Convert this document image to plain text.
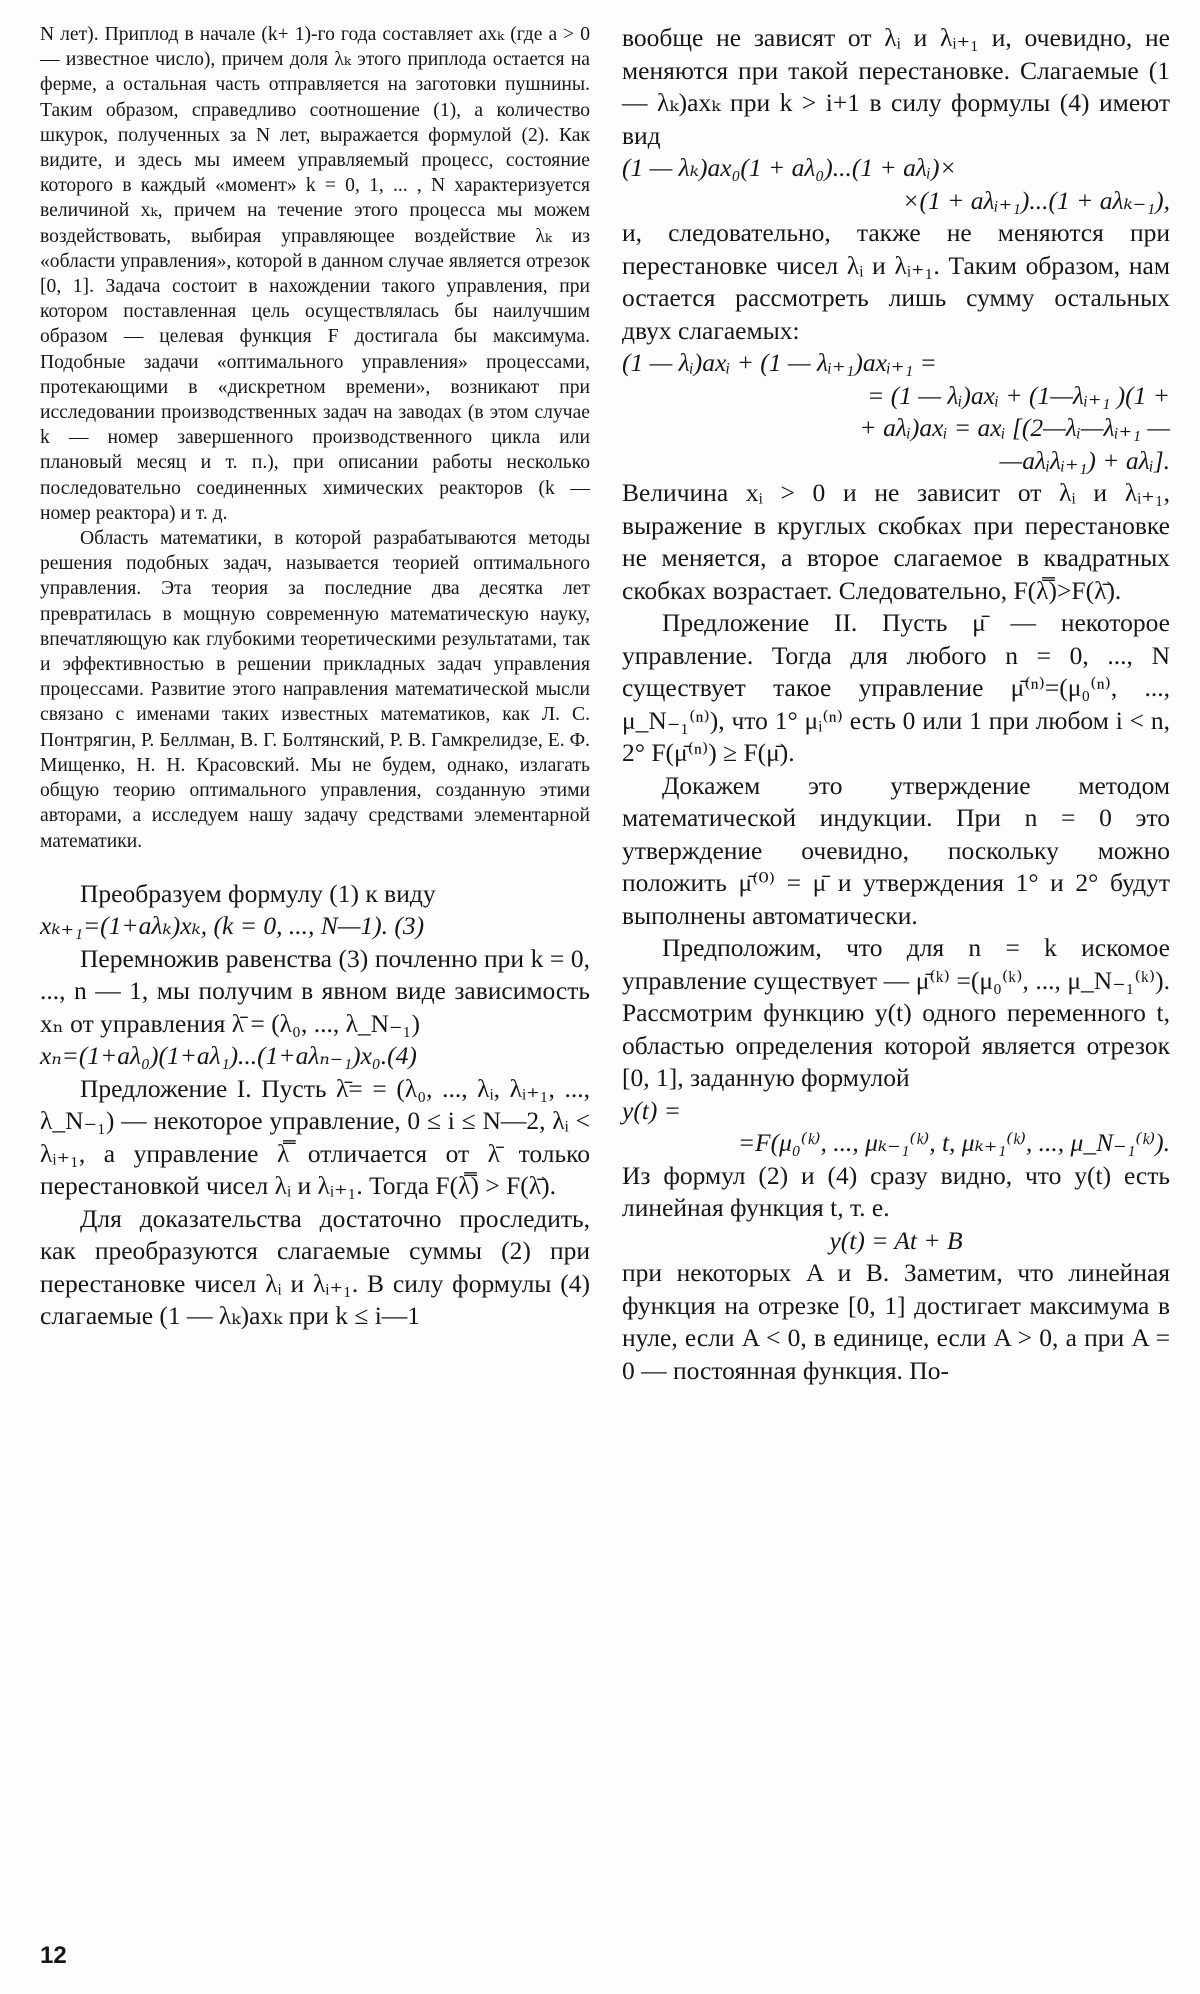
N лет). Приплод в начале (k+ 1)-го года составляет axₖ (где a > 0 — известное число), причем доля λₖ этого приплода остается на ферме, а остальная часть отправляется на заготовки пушнины. Таким образом, справедливо соотношение (1), а количество шкурок, полученных за N лет, выражается формулой (2). Как видите, и здесь мы имеем управляемый процесс, состояние которого в каждый «момент» k = 0, 1, ... , N характеризуется величиной xₖ, причем на течение этого процесса мы можем воздействовать, выбирая управляющее воздействие λₖ из «области управления», которой в данном случае является отрезок [0, 1]. Задача состоит в нахождении такого управления, при котором поставленная цель осуществлялась бы наилучшим образом — целевая функция F достигала бы максимума. Подобные задачи «оптимального управления» процессами, протекающими в «дискретном времени», возникают при исследовании производственных задач на заводах (в этом случае k — номер завершенного производственного цикла или плановый месяц и т. п.), при описании работы несколько последовательно соединенных химических реакторов (k — номер реактора) и т. д.

Область математики, в которой разрабатываются методы решения подобных задач, называется теорией оптимального управления. Эта теория за последние два десятка лет превратилась в мощную современную математическую науку, впечатляющую как глубокими теоретическими результатами, так и эффективностью в решении прикладных задач управления процессами. Развитие этого направления математической мысли связано с именами таких известных математиков, как Л. С. Понтрягин, Р. Беллман, В. Г. Болтянский, Р. В. Гамкрелидзе, Е. Ф. Мищенко, Н. Н. Красовский. Мы не будем, однако, излагать общую теорию оптимального управления, созданную этими авторами, а исследуем нашу задачу средствами элементарной математики.

Преобразуем формулу (1) к виду

xₖ₊₁=(1+aλₖ)xₖ, (k = 0, ..., N—1). (3)

Перемножив равенства (3) почленно при k = 0, ..., n — 1, мы получим в явном виде зависимость xₙ от управления λ̄ = (λ₀, ..., λ_N₋₁)

xₙ=(1+aλ₀)(1+aλ₁)...(1+aλₙ₋₁)x₀.(4)

Предложение I. Пусть λ̄= = (λ₀, ..., λᵢ, λᵢ₊₁, ..., λ_N₋₁) — некоторое управление, 0 ≤ i ≤ N—2, λᵢ < λᵢ₊₁, а управление λ̿ отличается от λ̄ только перестановкой чисел λᵢ и λᵢ₊₁. Тогда F(λ̿) > F(λ̄).

Для доказательства достаточно проследить, как преобразуются слагаемые суммы (2) при перестановке чисел λᵢ и λᵢ₊₁. В силу формулы (4) слагаемые (1 — λₖ)axₖ при k ≤ i—1

вообще не зависят от λᵢ и λᵢ₊₁ и, очевидно, не меняются при такой перестановке. Слагаемые (1 — λₖ)axₖ при k > i+1 в силу формулы (4) имеют вид

(1 — λₖ)ax₀(1 + aλ₀)...(1 + aλᵢ)×

×(1 + aλᵢ₊₁)...(1 + aλₖ₋₁),

и, следовательно, также не меняются при перестановке чисел λᵢ и λᵢ₊₁. Таким образом, нам остается рассмотреть лишь сумму остальных двух слагаемых:

(1 — λᵢ)axᵢ + (1 — λᵢ₊₁)axᵢ₊₁ =

= (1 — λᵢ)axᵢ + (1—λᵢ₊₁ )(1 +

+ aλᵢ)axᵢ = axᵢ [(2—λᵢ—λᵢ₊₁ —

—aλᵢλᵢ₊₁) + aλᵢ].

Величина xᵢ > 0 и не зависит от λᵢ и λᵢ₊₁, выражение в круглых скобках при перестановке не меняется, а второе слагаемое в квадратных скобках возрастает. Следовательно, F(λ̿)>F(λ̄).

Предложение II. Пусть μ̄ — некоторое управление. Тогда для любого n = 0, ..., N существует такое управление μ̄⁽ⁿ⁾=(μ₀⁽ⁿ⁾, ..., μ_N₋₁⁽ⁿ⁾), что 1° μᵢ⁽ⁿ⁾ есть 0 или 1 при любом i < n, 2° F(μ̄⁽ⁿ⁾) ≥ F(μ̄).

Докажем это утверждение методом математической индукции. При n = 0 это утверждение очевидно, поскольку можно положить μ̄⁽⁰⁾ = μ̄ и утверждения 1° и 2° будут выполнены автоматически.

Предположим, что для n = k искомое управление существует — μ̄⁽ᵏ⁾ =(μ₀⁽ᵏ⁾, ..., μ_N₋₁⁽ᵏ⁾). Рассмотрим функцию y(t) одного переменного t, областью определения которой является отрезок [0, 1], заданную формулой

y(t) =

=F(μ₀⁽ᵏ⁾, ..., μₖ₋₁⁽ᵏ⁾, t, μₖ₊₁⁽ᵏ⁾, ..., μ_N₋₁⁽ᵏ⁾).

Из формул (2) и (4) сразу видно, что y(t) есть линейная функция t, т. е.

y(t) = At + B

при некоторых A и B. Заметим, что линейная функция на отрезке [0, 1] достигает максимума в нуле, если A < 0, в единице, если A > 0, а при A = 0 — постоянная функция. По-

12
